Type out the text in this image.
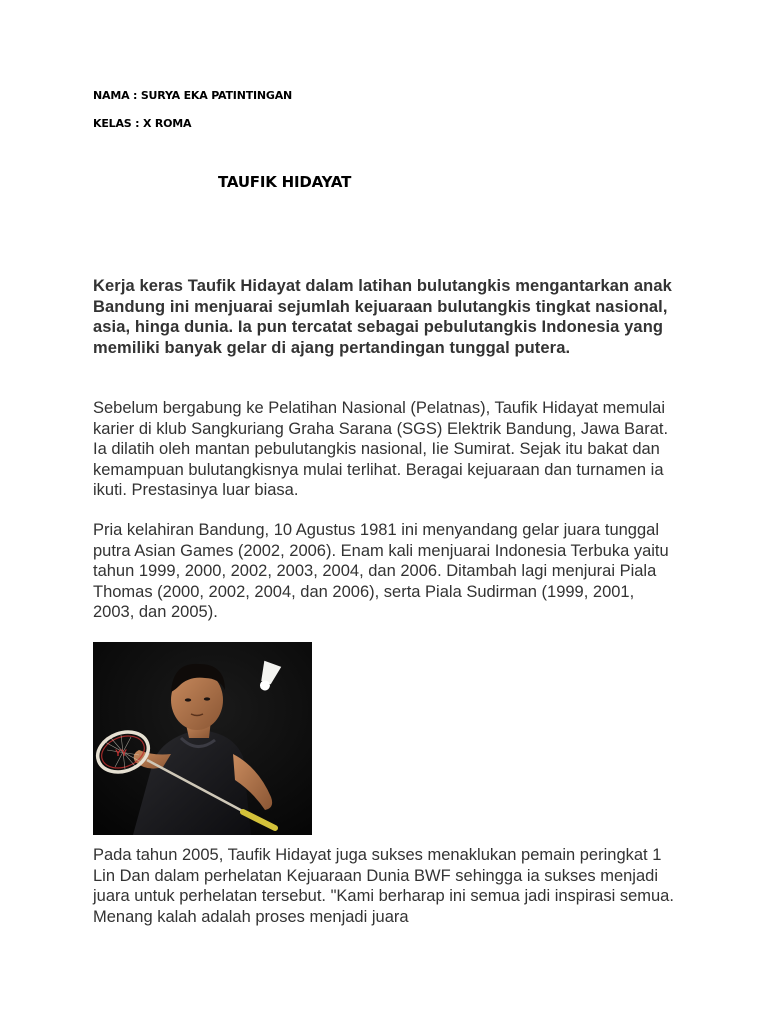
NAMA : SURYA EKA PATINTINGAN
KELAS : X ROMA
TAUFIK HIDAYAT

Kerja keras Taufik Hidayat dalam latihan bulutangkis mengantarkan anak Bandung ini menjuarai sejumlah kejuaraan bulutangkis tingkat nasional, asia, hinga dunia. Ia pun tercatat sebagai pebulutangkis Indonesia yang memiliki banyak gelar di ajang pertandingan tunggal putera.

Sebelum bergabung ke Pelatihan Nasional (Pelatnas), Taufik Hidayat memulai karier di klub Sangkuriang Graha Sarana (SGS) Elektrik Bandung, Jawa Barat. Ia dilatih oleh mantan pebulutangkis nasional, Iie Sumirat. Sejak itu bakat dan kemampuan bulutangkisnya mulai terlihat. Beragai kejuaraan dan turnamen ia ikuti. Prestasinya luar biasa.

Pria kelahiran Bandung, 10 Agustus 1981 ini menyandang gelar juara tunggal putra Asian Games (2002, 2006). Enam kali menjuarai Indonesia Terbuka yaitu tahun 1999, 2000, 2002, 2003, 2004, dan 2006. Ditambah lagi menjurai Piala Thomas (2000, 2002, 2004, dan 2006), serta Piala Sudirman (1999, 2001, 2003, dan 2005).

YY

Pada tahun 2005, Taufik Hidayat juga sukses menaklukan pemain peringkat 1 Lin Dan dalam perhelatan Kejuaraan Dunia BWF sehingga ia sukses menjadi juara untuk perhelatan tersebut. "Kami berharap ini semua jadi inspirasi semua. Menang kalah adalah proses menjadi juara
